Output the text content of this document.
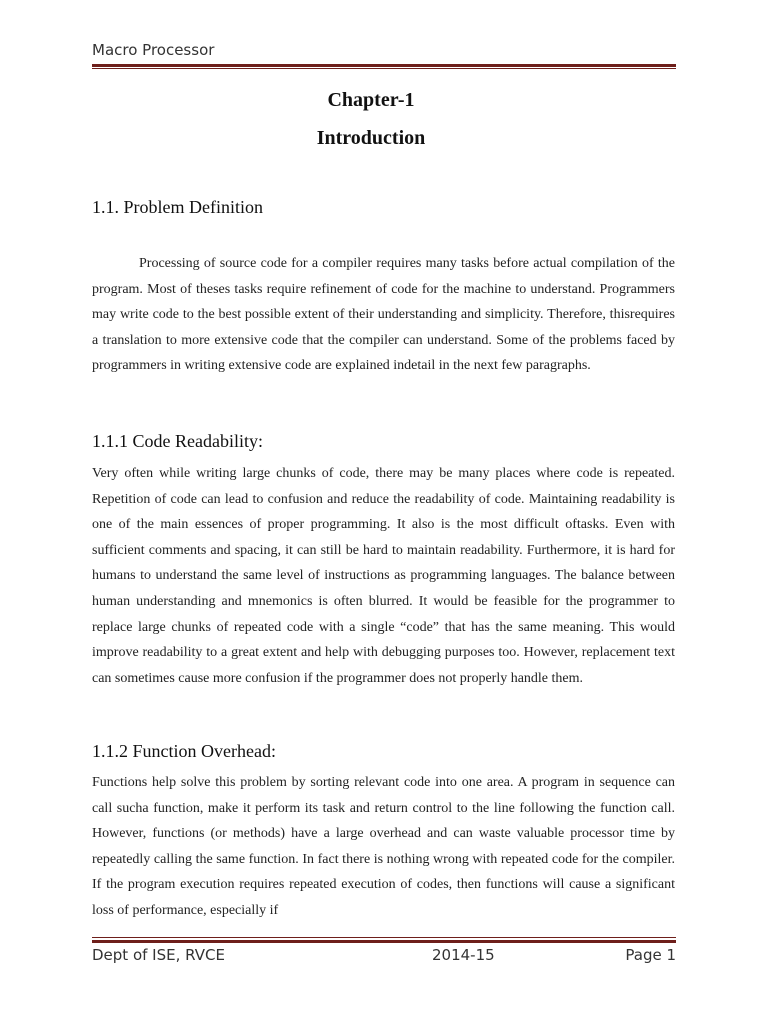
Macro Processor
Chapter-1
Introduction
1.1. Problem Definition

Processing of source code for a compiler requires many tasks before actual compilation of the program. Most of theses tasks require refinement of code for the machine to understand. Programmers may write code to the best possible extent of their understanding and simplicity. Therefore, thisrequires a translation to more extensive code that the compiler can understand. Some of the problems faced by programmers in writing extensive code are explained indetail in the next few paragraphs.

1.1.1 Code Readability:

Very often while writing large chunks of code, there may be many places where code is repeated. Repetition of code can lead to confusion and reduce the readability of code. Maintaining readability is one of the main essences of proper programming. It also is the most difficult oftasks. Even with sufficient comments and spacing, it can still be hard to maintain readability. Furthermore, it is hard for humans to understand the same level of instructions as programming languages. The balance between human understanding and mnemonics is often blurred. It would be feasible for the programmer to replace large chunks of repeated code with a single “code” that has the same meaning. This would improve readability to a great extent and help with debugging purposes too. However, replacement text can sometimes cause more confusion if the programmer does not properly handle them.

1.1.2 Function Overhead:

Functions help solve this problem by sorting relevant code into one area. A program in sequence can call sucha function, make it perform its task and return control to the line following the function call. However, functions (or methods) have a large overhead and can waste valuable processor time by repeatedly calling the same function. In fact there is nothing wrong with repeated code for the compiler. If the program execution requires repeated execution of codes, then functions will cause a significant loss of performance, especially if

Dept of ISE, RVCE	2014-15	Page 1
